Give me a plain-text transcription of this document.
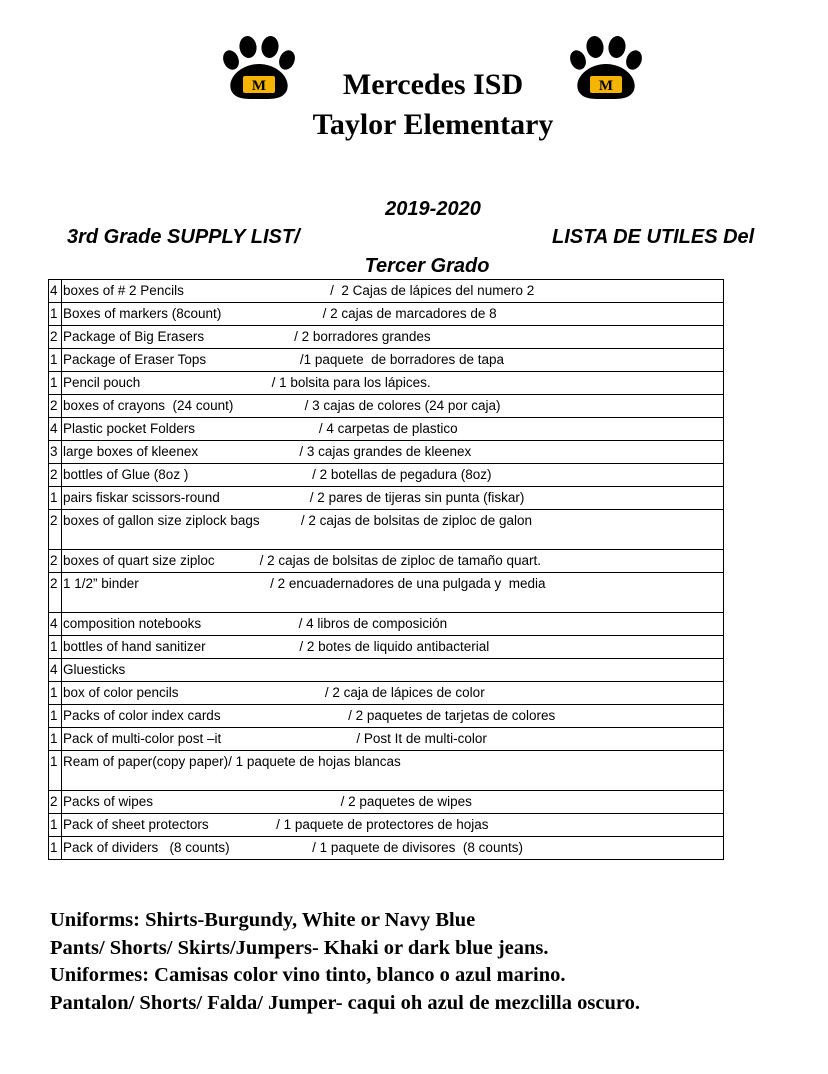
M	M
Mercedes ISD
Taylor Elementary
2019-2020
3rd Grade SUPPLY LIST/	LISTA DE UTILES Del
Tercer Grado
4	boxes of # 2 Pencils                                       /  2 Cajas de lápices del numero 2
1	Boxes of markers (8count)                           / 2 cajas de marcadores de 8
2	Package of Big Erasers                        / 2 borradores grandes
1	Package of Eraser Tops                         /1 paquete  de borradores de tapa
1	Pencil pouch                                   / 1 bolsita para los lápices.
2	boxes of crayons  (24 count)                   / 3 cajas de colores (24 por caja)
4	Plastic pocket Folders                                 / 4 carpetas de plastico
3	large boxes of kleenex                           / 3 cajas grandes de kleenex
2	bottles of Glue (8oz )                                 / 2 botellas de pegadura (8oz)
1	pairs fiskar scissors-round                        / 2 pares de tijeras sin punta (fiskar)
2	boxes of gallon size ziplock bags           / 2 cajas de bolsitas de ziploc de galon
2	boxes of quart size ziploc            / 2 cajas de bolsitas de ziploc de tamaño quart.
2	1 1/2” binder                                   / 2 encuadernadores de una pulgada y  media
4	composition notebooks                          / 4 libros de composición
1	bottles of hand sanitizer                         / 2 botes de liquido antibacterial
4	Gluesticks
1	box of color pencils                                       / 2 caja de lápices de color
1	Packs of color index cards                                  / 2 paquetes de tarjetas de colores
1	Pack of multi-color post –it                                    / Post It de multi-color
1	Ream of paper(copy paper)/ 1 paquete de hojas blancas
2	Packs of wipes                                                  / 2 paquetes de wipes
1	Pack of sheet protectors                  / 1 paquete de protectores de hojas
1	Pack of dividers   (8 counts)                      / 1 paquete de divisores  (8 counts)
Uniforms: Shirts-Burgundy, White or Navy Blue
Pants/ Shorts/ Skirts/Jumpers- Khaki or dark blue jeans.
Uniformes: Camisas color vino tinto, blanco o azul marino.
Pantalon/ Shorts/ Falda/ Jumper- caqui oh azul de mezclilla oscuro.
